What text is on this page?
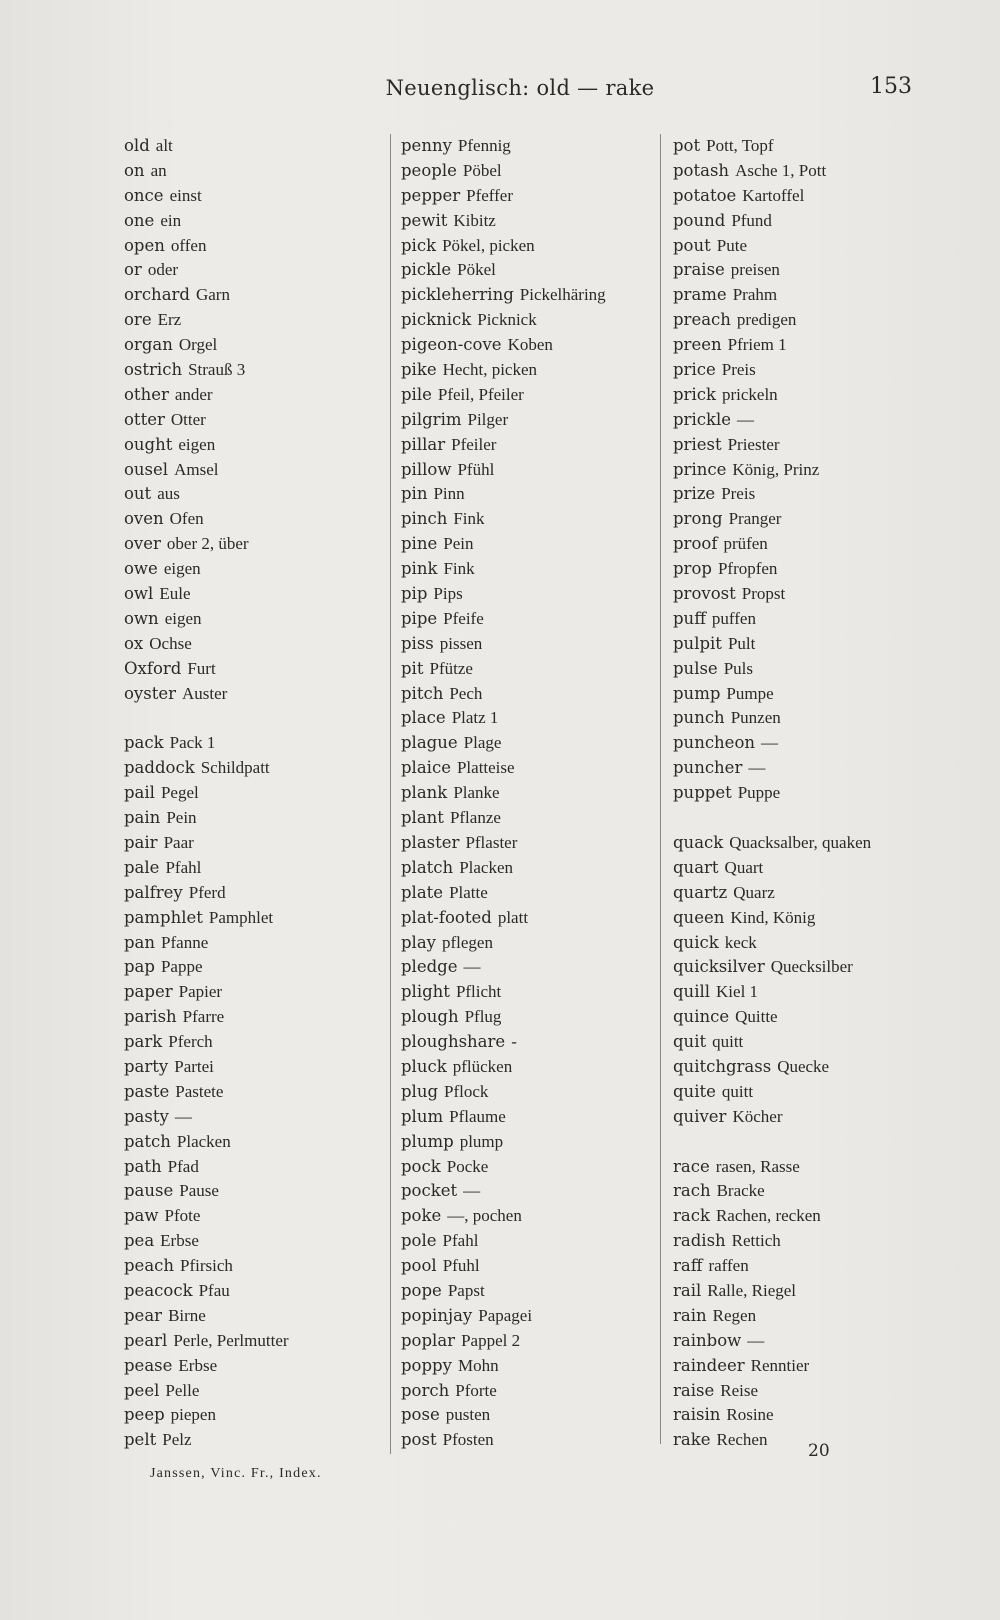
Neuenglisch: old — rake	153
old alt
on an
once einst
one ein
open offen
or oder
orchard Garn
ore Erz
organ Orgel
ostrich Strauß 3
other ander
otter Otter
ought eigen
ousel Amsel
out aus
oven Ofen
over ober 2, über
owe eigen
owl Eule
own eigen
ox Ochse
Oxford Furt
oyster Auster
pack Pack 1
paddock Schildpatt
pail Pegel
pain Pein
pair Paar
pale Pfahl
palfrey Pferd
pamphlet Pamphlet
pan Pfanne
pap Pappe
paper Papier
parish Pfarre
park Pferch
party Partei
paste Pastete
pasty —
patch Placken
path Pfad
pause Pause
paw Pfote
pea Erbse
peach Pfirsich
peacock Pfau
pear Birne
pearl Perle, Perlmutter
pease Erbse
peel Pelle
peep piepen
pelt Pelz
penny Pfennig
people Pöbel
pepper Pfeffer
pewit Kibitz
pick Pökel, picken
pickle Pökel
pickleherring Pickelhäring
picknick Picknick
pigeon-cove Koben
pike Hecht, picken
pile Pfeil, Pfeiler
pilgrim Pilger
pillar Pfeiler
pillow Pfühl
pin Pinn
pinch Fink
pine Pein
pink Fink
pip Pips
pipe Pfeife
piss pissen
pit Pfütze
pitch Pech
place Platz 1
plague Plage
plaice Platteise
plank Planke
plant Pflanze
plaster Pflaster
platch Placken
plate Platte
plat-footed platt
play pflegen
pledge —
plight Pflicht
plough Pflug
ploughshare -
pluck pflücken
plug Pflock
plum Pflaume
plump plump
pock Pocke
pocket —
poke —, pochen
pole Pfahl
pool Pfuhl
pope Papst
popinjay Papagei
poplar Pappel 2
poppy Mohn
porch Pforte
pose pusten
post Pfosten
pot Pott, Topf
potash Asche 1, Pott
potatoe Kartoffel
pound Pfund
pout Pute
praise preisen
prame Prahm
preach predigen
preen Pfriem 1
price Preis
prick prickeln
prickle —
priest Priester
prince König, Prinz
prize Preis
prong Pranger
proof prüfen
prop Pfropfen
provost Propst
puff puffen
pulpit Pult
pulse Puls
pump Pumpe
punch Punzen
puncheon —
puncher —
puppet Puppe
quack Quacksalber, quaken
quart Quart
quartz Quarz
queen Kind, König
quick keck
quicksilver Quecksilber
quill Kiel 1
quince Quitte
quit quitt
quitchgrass Quecke
quite quitt
quiver Köcher
race rasen, Rasse
rach Bracke
rack Rachen, recken
radish Rettich
raff raffen
rail Ralle, Riegel
rain Regen
rainbow —
raindeer Renntier
raise Reise
raisin Rosine
rake Rechen
Janssen, Vinc. Fr., Index.
20
